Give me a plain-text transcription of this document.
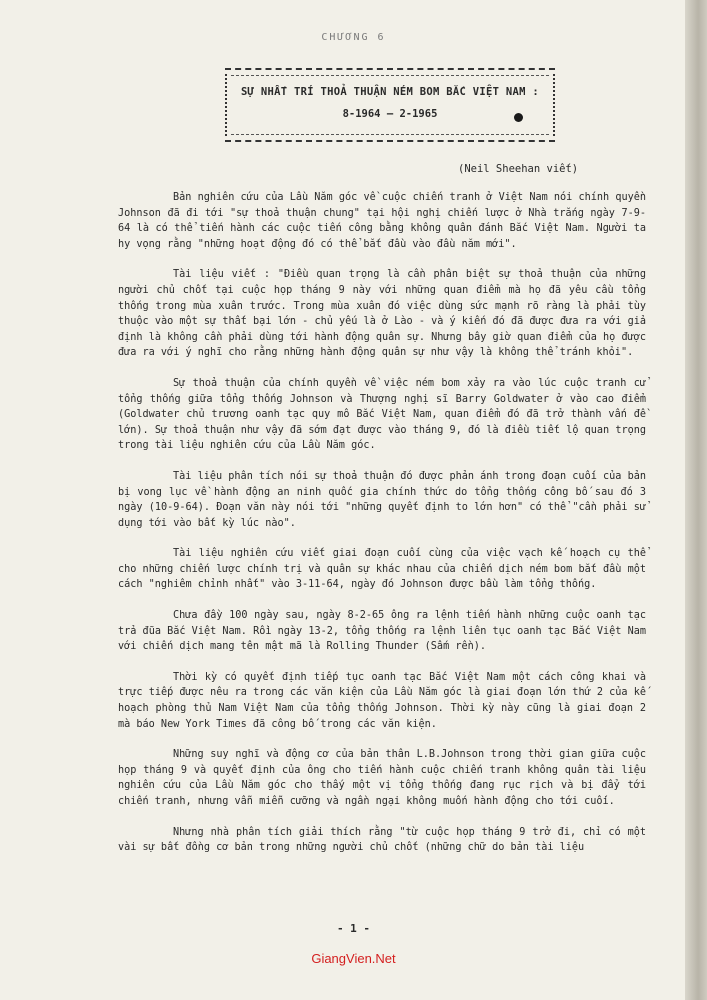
CHƯƠNG 6
SỰ NHẤT TRÍ THOẢ THUẬN NÉM BOM BẮC VIỆT NAM :
8-1964 — 2-1965
(Neil Sheehan viết)

Bản nghiên cứu của Lầu Năm góc về cuộc chiến tranh ở Việt Nam nói chính quyền Johnson đã đi tới "sự thoả thuận chung" tại hội nghị chiến lược ở Nhà trắng ngày 7-9-64 là có thể tiến hành các cuộc tiến công bằng không quân đánh Bắc Việt Nam. Người ta hy vọng rằng "những hoạt động đó có thể bắt đầu vào đầu năm mới".

Tài liệu viết : "Điều quan trọng là cần phân biệt sự thoả thuận của những người chủ chốt tại cuộc họp tháng 9 này với những quan điểm mà họ đã yêu cầu tổng thống trong mùa xuân trước. Trong mùa xuân đó việc dùng sức mạnh rõ ràng là phải tùy thuộc vào một sự thất bại lớn - chủ yếu là ở Lào - và ý kiến đó đã được đưa ra với giả định là không cần phải dùng tới hành động quân sự. Nhưng bây giờ quan điểm của họ được đưa ra với ý nghĩ cho rằng những hành động quân sự như vậy là không thể tránh khỏi".

Sự thoả thuận của chính quyền về việc ném bom xảy ra vào lúc cuộc tranh cử tổng thống giữa tổng thống Johnson và Thượng nghị sĩ Barry Goldwater ở vào cao điểm (Goldwater chủ trương oanh tạc quy mô Bắc Việt Nam, quan điểm đó đã trở thành vấn đề lớn). Sự thoả thuận như vậy đã sớm đạt được vào tháng 9, đó là điều tiết lộ quan trọng trong tài liệu nghiên cứu của Lầu Năm góc.

Tài liệu phân tích nói sự thoả thuận đó được phản ánh trong đoạn cuối của bản bị vong lục về hành động an ninh quốc gia chính thức do tổng thống công bố sau đó 3 ngày (10-9-64). Đoạn văn này nói tới "những quyết định to lớn hơn" có thể "cần phải sử dụng tới vào bất kỳ lúc nào".

Tài liệu nghiên cứu viết giai đoạn cuối cùng của việc vạch kế hoạch cụ thể cho những chiến lược chính trị và quân sự khác nhau của chiến dịch ném bom bắt đầu một cách "nghiêm chỉnh nhất" vào 3-11-64, ngày đó Johnson được bầu làm tổng thống.

Chưa đầy 100 ngày sau, ngày 8-2-65 ông ra lệnh tiến hành những cuộc oanh tạc trả đũa Bắc Việt Nam. Rồi ngày 13-2, tổng thống ra lệnh liên tục oanh tạc Bắc Việt Nam với chiến dịch mang tên mật mã là Rolling Thunder (Sấm rền).

Thời kỳ có quyết định tiếp tục oanh tạc Bắc Việt Nam một cách công khai và trực tiếp được nêu ra trong các văn kiện của Lầu Năm góc là giai đoạn lớn thứ 2 của kế hoạch phòng thủ Nam Việt Nam của tổng thống Johnson. Thời kỳ này cũng là giai đoạn 2 mà báo New York Times đã công bố trong các văn kiện.

Những suy nghĩ và động cơ của bản thân L.B.Johnson trong thời gian giữa cuộc họp tháng 9 và quyết định của ông cho tiến hành cuộc chiến tranh không quân tài liệu nghiên cứu của Lầu Năm góc cho thấy một vị tổng thống đang rục rịch và bị đẩy tới chiến tranh, nhưng vẫn miễn cưỡng và ngần ngại không muốn hành động cho tới cuối.

Nhưng nhà phân tích giải thích rằng "từ cuộc họp tháng 9 trở đi, chỉ có một vài sự bất đồng cơ bản trong những người chủ chốt (những chữ do bản tài liệu

- 1 -
GiangVien.Net
